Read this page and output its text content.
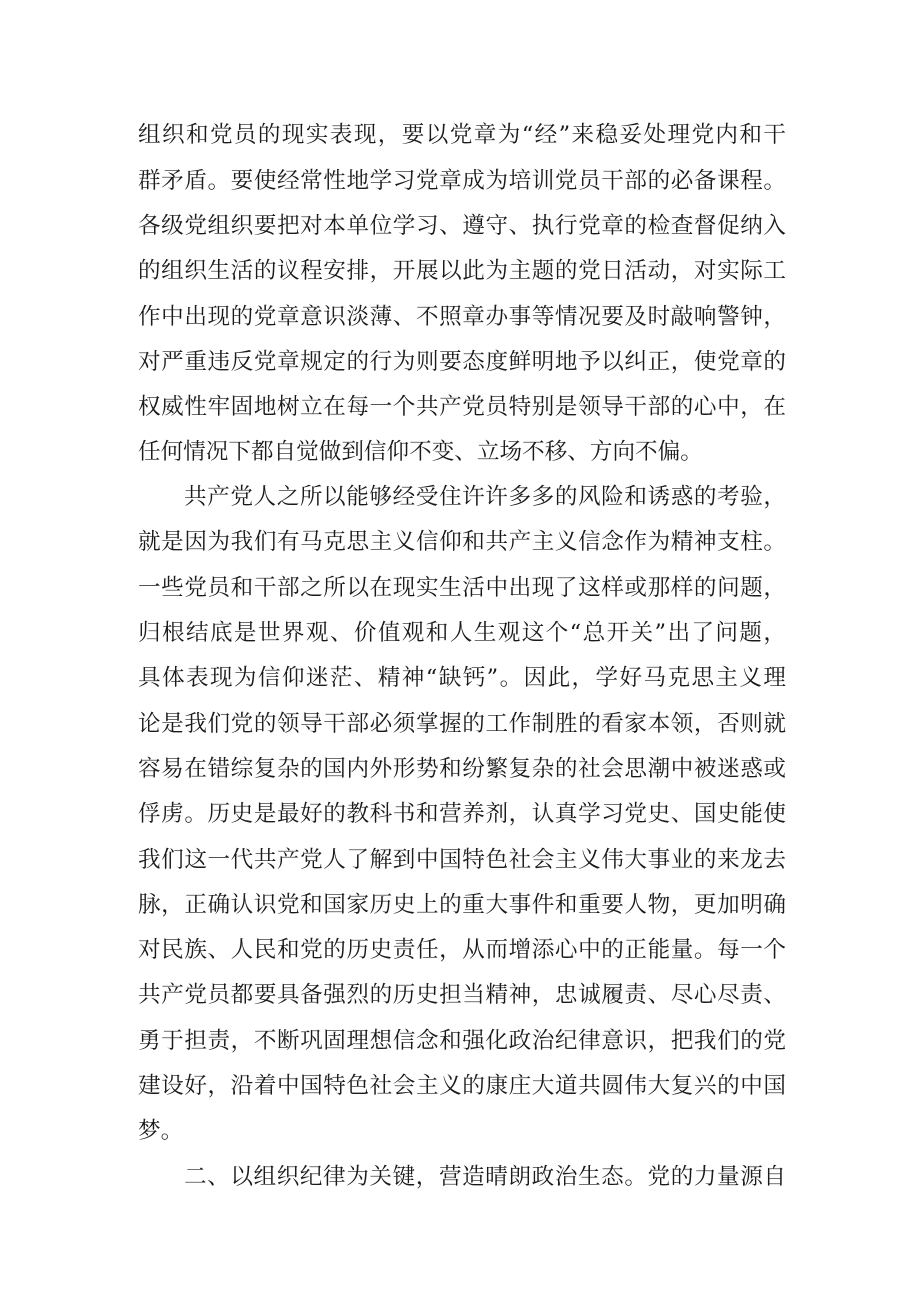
组织和党员的现实表现，要以党章为“经”来稳妥处理党内和干
群矛盾。要使经常性地学习党章成为培训党员干部的必备课程。
各级党组织要把对本单位学习、遵守、执行党章的检查督促纳入
的组织生活的议程安排，开展以此为主题的党日活动，对实际工
作中出现的党章意识淡薄、不照章办事等情况要及时敲响警钟，
对严重违反党章规定的行为则要态度鲜明地予以纠正，使党章的
权威性牢固地树立在每一个共产党员特别是领导干部的心中，在
任何情况下都自觉做到信仰不变、立场不移、方向不偏。
共产党人之所以能够经受住许许多多的风险和诱惑的考验，
就是因为我们有马克思主义信仰和共产主义信念作为精神支柱。
一些党员和干部之所以在现实生活中出现了这样或那样的问题，
归根结底是世界观、价值观和人生观这个“总开关”出了问题，
具体表现为信仰迷茫、精神“缺钙”。因此，学好马克思主义理
论是我们党的领导干部必须掌握的工作制胜的看家本领，否则就
容易在错综复杂的国内外形势和纷繁复杂的社会思潮中被迷惑或
俘虏。历史是最好的教科书和营养剂，认真学习党史、国史能使
我们这一代共产党人了解到中国特色社会主义伟大事业的来龙去
脉，正确认识党和国家历史上的重大事件和重要人物，更加明确
对民族、人民和党的历史责任，从而增添心中的正能量。每一个
共产党员都要具备强烈的历史担当精神，忠诚履责、尽心尽责、
勇于担责，不断巩固理想信念和强化政治纪律意识，把我们的党
建设好，沿着中国特色社会主义的康庄大道共圆伟大复兴的中国
梦。
二、以组织纪律为关键，营造晴朗政治生态。党的力量源自
